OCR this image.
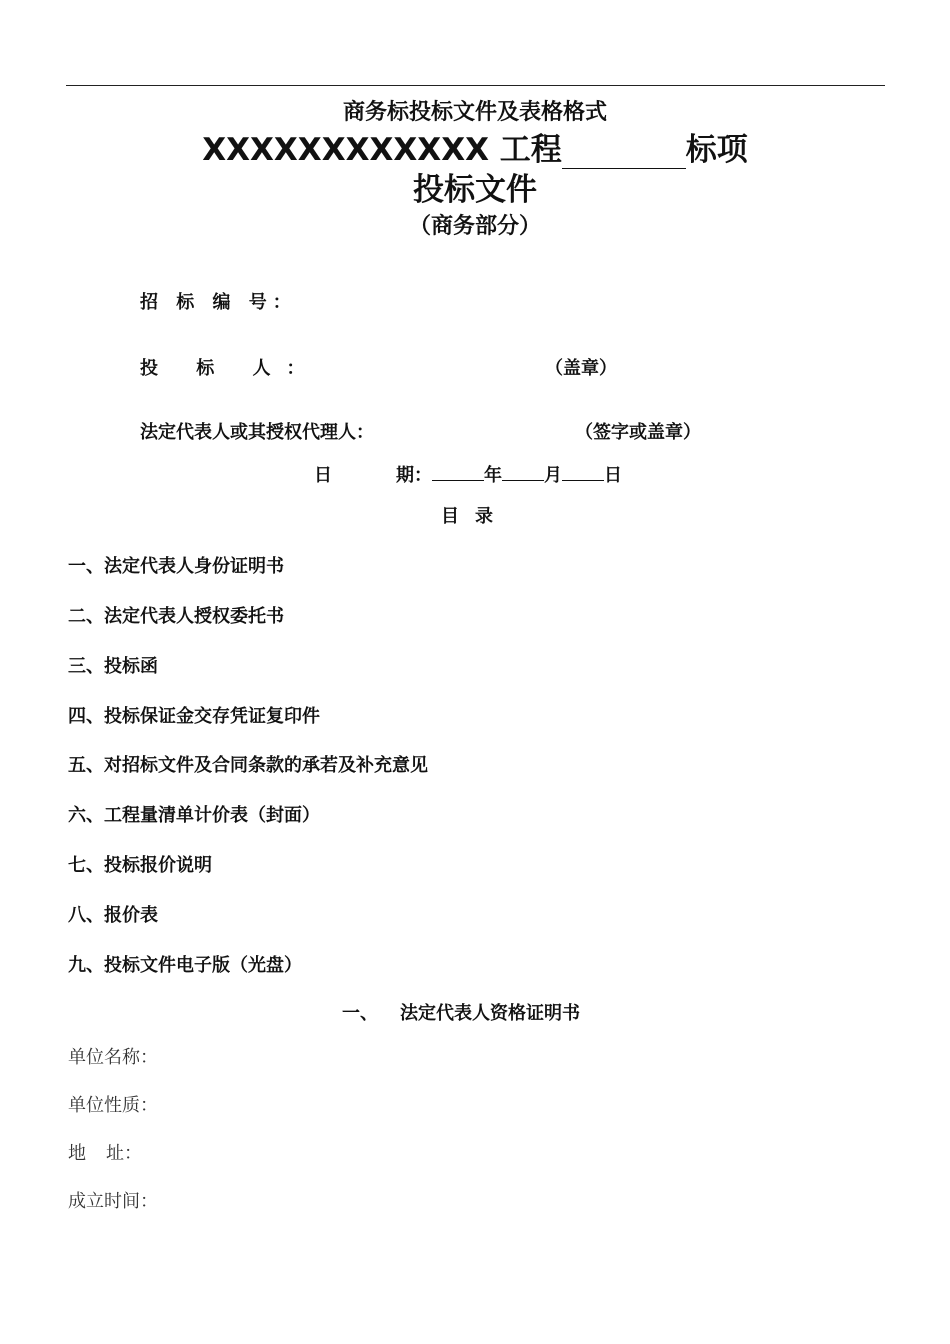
商务标投标文件及表格格式
XXXXXXXXXXXX 工程	标项
投标文件
（商务部分）
招 标 编 号：
投 标 人：	（盖章）
法定代表人或其授权代理人：	（签字或盖章）
日	期：	年 月 日
目 录
一、法定代表人身份证明书
二、法定代表人授权委托书
三、投标函
四、投标保证金交存凭证复印件
五、对招标文件及合同条款的承若及补充意见
六、工程量清单计价表（封面）
七、投标报价说明
八、报价表
九、投标文件电子版（光盘）
一、 法定代表人资格证明书
单位名称：
单位性质：
地 址：
成立时间：
